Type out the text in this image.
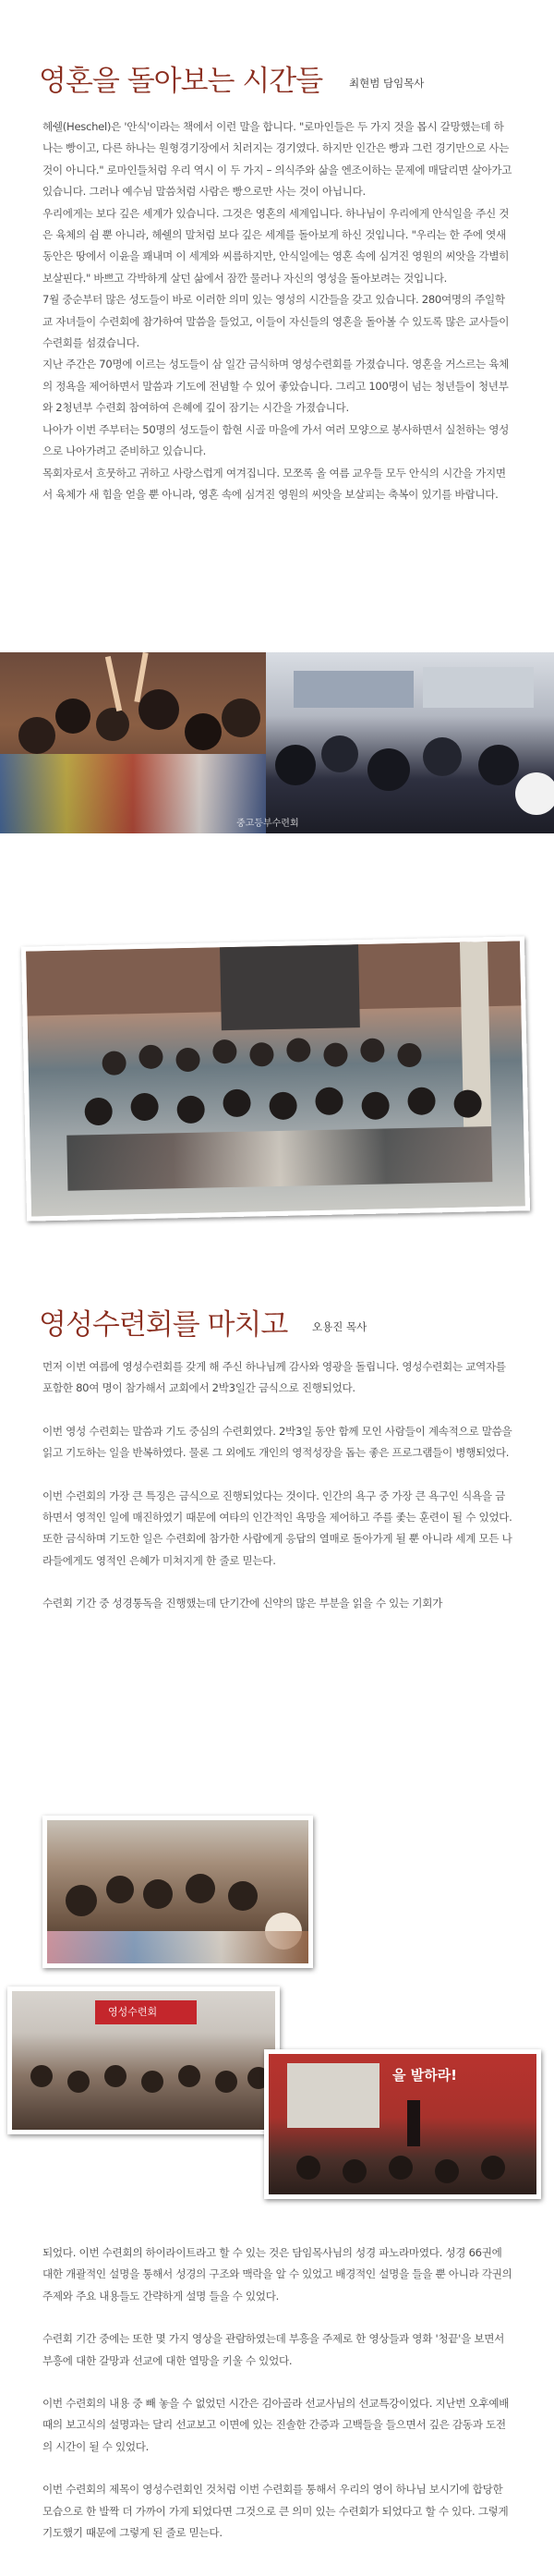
영혼을 돌아보는 시간들	최현범 담임목사

헤쉘(Heschel)은 '안식'이라는 책에서 이런 말을 합니다. "로마인들은 두 가지 것을 몹시 갈망했는데 하나는 빵이고, 다른 하나는 원형경기장에서 치러지는 경기였다. 하지만 인간은 빵과 그런 경기만으로 사는 것이 아니다." 로마인들처럼 우리 역시 이 두 가지 – 의식주와 삶을 엔조이하는 문제에 매달리면 살아가고 있습니다. 그러나 예수님 말씀처럼 사람은 빵으로만 사는 것이 아닙니다.

우리에게는 보다 깊은 세계가 있습니다. 그것은 영혼의 세계입니다. 하나님이 우리에게 안식일을 주신 것은 육체의 쉼 뿐 아니라, 헤쉘의 말처럼 보다 깊은 세계를 돌아보게 하신 것입니다. "우리는 한 주에 엿새 동안은 땅에서 이윤을 꽤내며 이 세계와 씨름하지만, 안식일에는 영혼 속에 심겨진 영원의 씨앗을 각별히 보살핀다." 바쁘고 각박하게 살던 삶에서 잠깐 물러나 자신의 영성을 돌아보려는 것입니다.

7월 중순부터 많은 성도들이 바로 이러한 의미 있는 영성의 시간들을 갖고 있습니다. 280여명의 주일학교 자녀들이 수련회에 참가하여 말씀을 들었고, 이들이 자신들의 영혼을 돌아볼 수 있도록 많은 교사들이 수련회를 섬겼습니다.

지난 주간은 70명에 이르는 성도들이 삼 일간 금식하며 영성수련회를 가졌습니다. 영혼을 거스르는 육체의 정욕을 제어하면서 말씀과 기도에 전념할 수 있어 좋았습니다. 그리고 100명이 넘는 청년들이 청년부와 2청년부 수련회 참여하여 은혜에 깊이 잠기는 시간을 가졌습니다.

나아가 이번 주부터는 50명의 성도들이 함현 시골 마을에 가서 여러 모양으로 봉사하면서 실천하는 영성으로 나아가려고 준비하고 있습니다.

목회자로서 흐뭇하고 귀하고 사랑스럽게 여겨집니다. 모쪼록 올 여름 교우들 모두 안식의 시간을 가지면서 육체가 새 힘을 얻을 뿐 아니라, 영혼 속에 심겨진 영원의 씨앗을 보살피는 축복이 있기를 바랍니다.

중고등부수련회
영성수련회를 마치고 오용진 목사

먼저 이번 여름에 영성수련회를 갖게 해 주신 하나님께 감사와 영광을 돌립니다. 영성수련회는 교역자를 포함한 80여 명이 참가해서 교회에서 2박3일간 금식으로 진행되었다.

이번 영성 수련회는 말씀과 기도 중심의 수련회였다. 2박3일 동안 함께 모인 사람들이 계속적으로 말씀을 읽고 기도하는 일을 반복하였다. 물론 그 외에도 개인의 영적성장을 돕는 좋은 프로그램들이 병행되었다.

이번 수련회의 가장 큰 특징은 금식으로 진행되었다는 것이다. 인간의 욕구 중 가장 큰 욕구인 식욕을 금하면서 영적인 일에 매진하였기 때문에 여타의 인간적인 욕망을 제어하고 주를 좇는 훈련이 될 수 있었다. 또한 금식하며 기도한 일은 수련회에 참가한 사람에게 응답의 열매로 돌아가게 될 뿐 아니라 세계 모든 나라들에게도 영적인 은혜가 미쳐지게 한 줄로 믿는다.

수련회 기간 중 성경통독을 진행했는데 단기간에 신약의 많은 부분을 읽을 수 있는 기회가

영성수련회
을 발하라!

되었다. 이번 수련회의 하이라이트라고 할 수 있는 것은 담임목사님의 성경 파노라마였다. 성경 66권에 대한 개괄적인 설명을 통해서 성경의 구조와 맥락을 알 수 있었고 배경적인 설명을 들을 뿐 아니라 각권의 주제와 주요 내용들도 간략하게 설명 들을 수 있었다.

수련회 기간 중에는 또한 몇 가지 영상을 관람하였는데 부흥을 주제로 한 영상들과 영화 '청끝'을 보면서 부흥에 대한 갈망과 선교에 대한 열망을 키울 수 있었다.

이번 수련회의 내용 중 빼 놓을 수 없었던 시간은 김아골라 선교사님의 선교특강이었다. 지난번 오후예배 때의 보고식의 설명과는 달리 선교보고 이면에 있는 진솔한 간증과 고백들을 들으면서 깊은 감동과 도전의 시간이 될 수 있었다.

이번 수련회의 제목이 영성수련회인 것처럼 이번 수련회를 통해서 우리의 영이 하나님 보시기에 합당한 모습으로 한 발짝 더 가까이 가게 되었다면 그것으로 큰 의미 있는 수련회가 되었다고 할 수 있다. 그렇게 기도했기 때문에 그렇게 된 줄로 믿는다.
